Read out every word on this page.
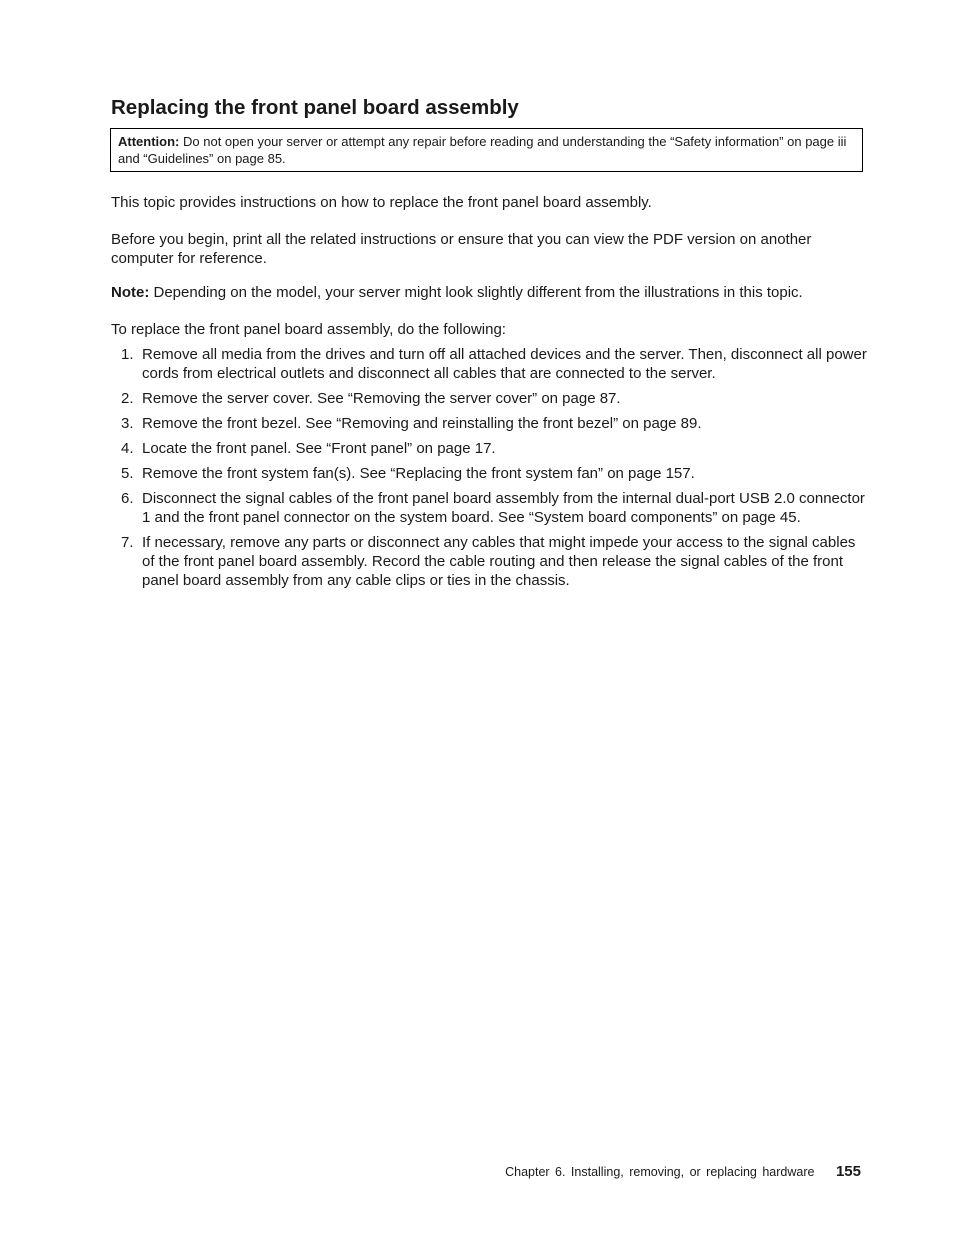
Replacing the front panel board assembly
Attention: Do not open your server or attempt any repair before reading and understanding the “Safety information” on page iii and “Guidelines” on page 85.

This topic provides instructions on how to replace the front panel board assembly.

Before you begin, print all the related instructions or ensure that you can view the PDF version on another computer for reference.

Note: Depending on the model, your server might look slightly different from the illustrations in this topic.

To replace the front panel board assembly, do the following:

1. Remove all media from the drives and turn off all attached devices and the server. Then, disconnect all power cords from electrical outlets and disconnect all cables that are connected to the server.
2. Remove the server cover. See “Removing the server cover” on page 87.
3. Remove the front bezel. See “Removing and reinstalling the front bezel” on page 89.
4. Locate the front panel. See “Front panel” on page 17.
5. Remove the front system fan(s). See “Replacing the front system fan” on page 157.
6. Disconnect the signal cables of the front panel board assembly from the internal dual-port USB 2.0 connector 1 and the front panel connector on the system board. See “System board components” on page 45.
7. If necessary, remove any parts or disconnect any cables that might impede your access to the signal cables of the front panel board assembly. Record the cable routing and then release the signal cables of the front panel board assembly from any cable clips or ties in the chassis.
Chapter 6. Installing, removing, or replacing hardware 155
